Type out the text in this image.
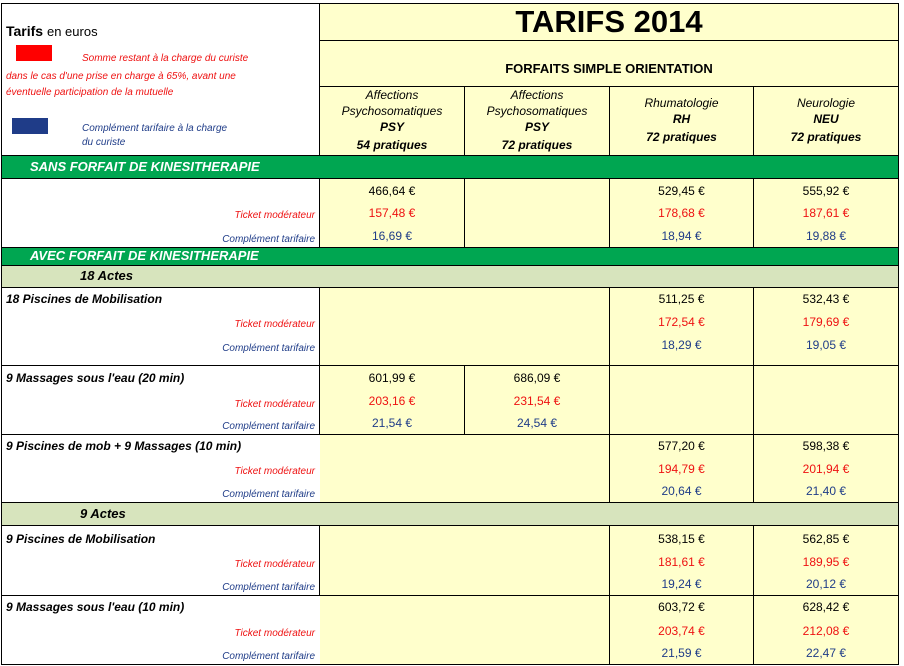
Tarifs en euros
Somme restant à la charge du curiste
dans le cas d'une prise en charge à 65%, avant une
éventuelle participation de la mutuelle
Complément tarifaire à la charge
du curiste
TARIFS 2014
FORFAITS SIMPLE ORIENTATION
Affections
Psychosomatiques
PSY
54 pratiques
Affections
Psychosomatiques
PSY
72 pratiques
Rhumatologie
RH
72 pratiques
Neurologie
NEU
72 pratiques
SANS FORFAIT DE KINESITHERAPIE
AVEC FORFAIT DE KINESITHERAPIE
18 Actes
9 Actes
Ticket modérateur
Complément tarifaire
466,64 €
157,48 €
16,69 €
529,45 €
178,68 €
18,94 €
555,92 €
187,61 €
19,88 €
18 Piscines de Mobilisation
Ticket modérateur
Complément tarifaire
511,25 €
172,54 €
18,29 €
532,43 €
179,69 €
19,05 €
9 Massages sous l'eau (20 min)
Ticket modérateur
Complément tarifaire
601,99 €
203,16 €
21,54 €
686,09 €
231,54 €
24,54 €
9 Piscines de mob + 9 Massages (10 min)
Ticket modérateur
Complément tarifaire
577,20 €
194,79 €
20,64 €
598,38 €
201,94 €
21,40 €
9 Piscines de Mobilisation
Ticket modérateur
Complément tarifaire
538,15 €
181,61 €
19,24 €
562,85 €
189,95 €
20,12 €
9 Massages sous l'eau (10 min)
Ticket modérateur
Complément tarifaire
603,72 €
203,74 €
21,59 €
628,42 €
212,08 €
22,47 €
